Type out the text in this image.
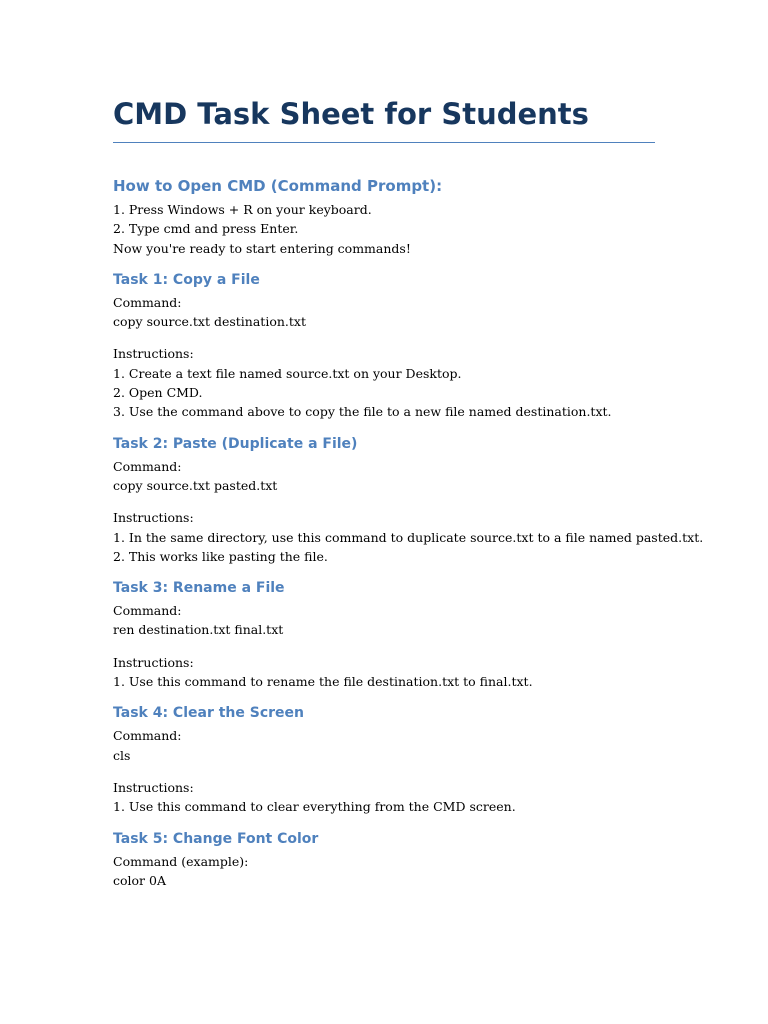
CMD Task Sheet for Students
How to Open CMD (Command Prompt):
1. Press Windows + R on your keyboard.
2. Type cmd and press Enter.
Now you're ready to start entering commands!
Task 1: Copy a File
Command:
copy source.txt destination.txt
Instructions:
1. Create a text file named source.txt on your Desktop.
2. Open CMD.
3. Use the command above to copy the file to a new file named destination.txt.
Task 2: Paste (Duplicate a File)
Command:
copy source.txt pasted.txt
Instructions:
1. In the same directory, use this command to duplicate source.txt to a file named pasted.txt.
2. This works like pasting the file.
Task 3: Rename a File
Command:
ren destination.txt final.txt
Instructions:
1. Use this command to rename the file destination.txt to final.txt.
Task 4: Clear the Screen
Command:
cls
Instructions:
1. Use this command to clear everything from the CMD screen.
Task 5: Change Font Color
Command (example):
color 0A
